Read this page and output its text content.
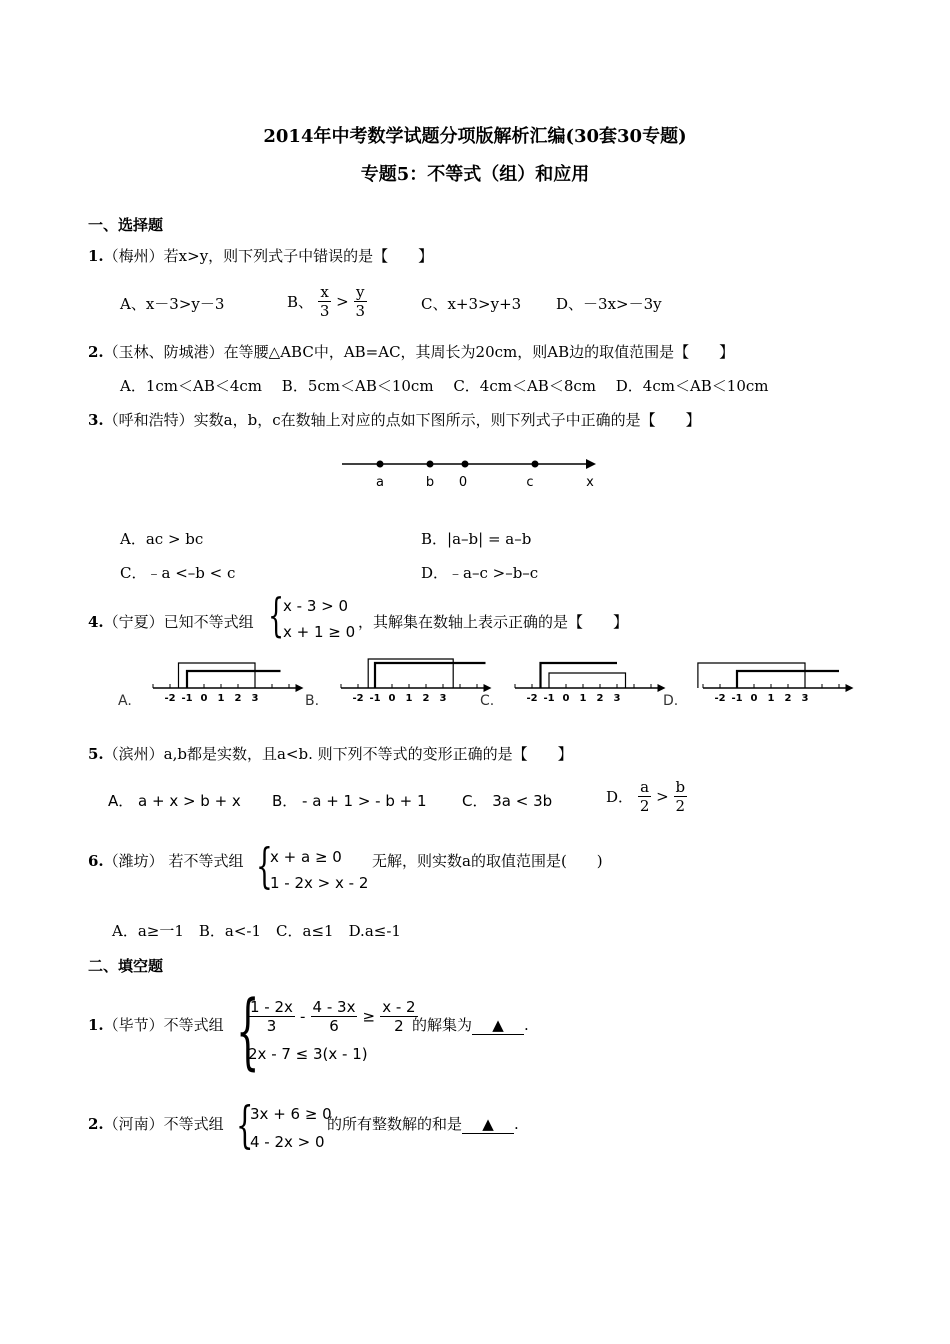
2014年中考数学试题分项版解析汇编(30套30专题)
专题5：不等式（组）和应用
一、选择题
1.（梅州）若x>y，则下列式子中错误的是【　　】
A、x－3>y－3	B、 $\frac{x}{3} > \frac{y}{3}$	C、x+3>y+3 D、－3x>－3y
2.（玉林、防城港）在等腰△ABC中，AB=AC，其周长为20cm，则AB边的取值范围是【　　】
A．1cm＜AB＜4cm　 B．5cm＜AB＜10cm　 C．4cm＜AB＜8cm　 D．4cm＜AB＜10cm
3.（呼和浩特）实数a，b，c在数轴上对应的点如下图所示，则下列式子中正确的是【　　】
a	b 0	c	x
A．ac > bc	B．|a–b| = a–b
C．﹣a <–b < c	D．﹣a–c >–b–c
4.（宁夏）已知不等式组 {
x - 3 > 0
x + 1 ≥ 0
，其解集在数轴上表示正确的是【　　】
A.	-2 -1 0 1 2 3	B.	-2 -1 0 1 2 3 C.	-2 -1 0 1 2 3	D.	-2 -1 0 1 2 3
5.（滨州）a,b都是实数，且a<b. 则下列不等式的变形正确的是【　　】
A． a + x > b + x B． - a + 1 > - b + 1 C． 3a < 3b	D． $\frac{a}{2} > \frac{b}{2}$
6.（潍坊） 若不等式组 {
x + a ≥ 0
1 - 2x > x - 2
无解，则实数a的取值范围是(　　)
A．a≥一1　B．a<-1　C．a≤1　D.a≤-1
二、填空题
1.（毕节）不等式组 {
$\frac{1 - 2x}{3} - \frac{4 - 3x}{6} \ge \frac{x - 2}{2}$
2x - 7 ≤ 3(x - 1)
的解集为 ▲ .
2.（河南）不等式组 {
3x + 6 ≥ 0
4 - 2x > 0
的所有整数解的和是 ▲ .
